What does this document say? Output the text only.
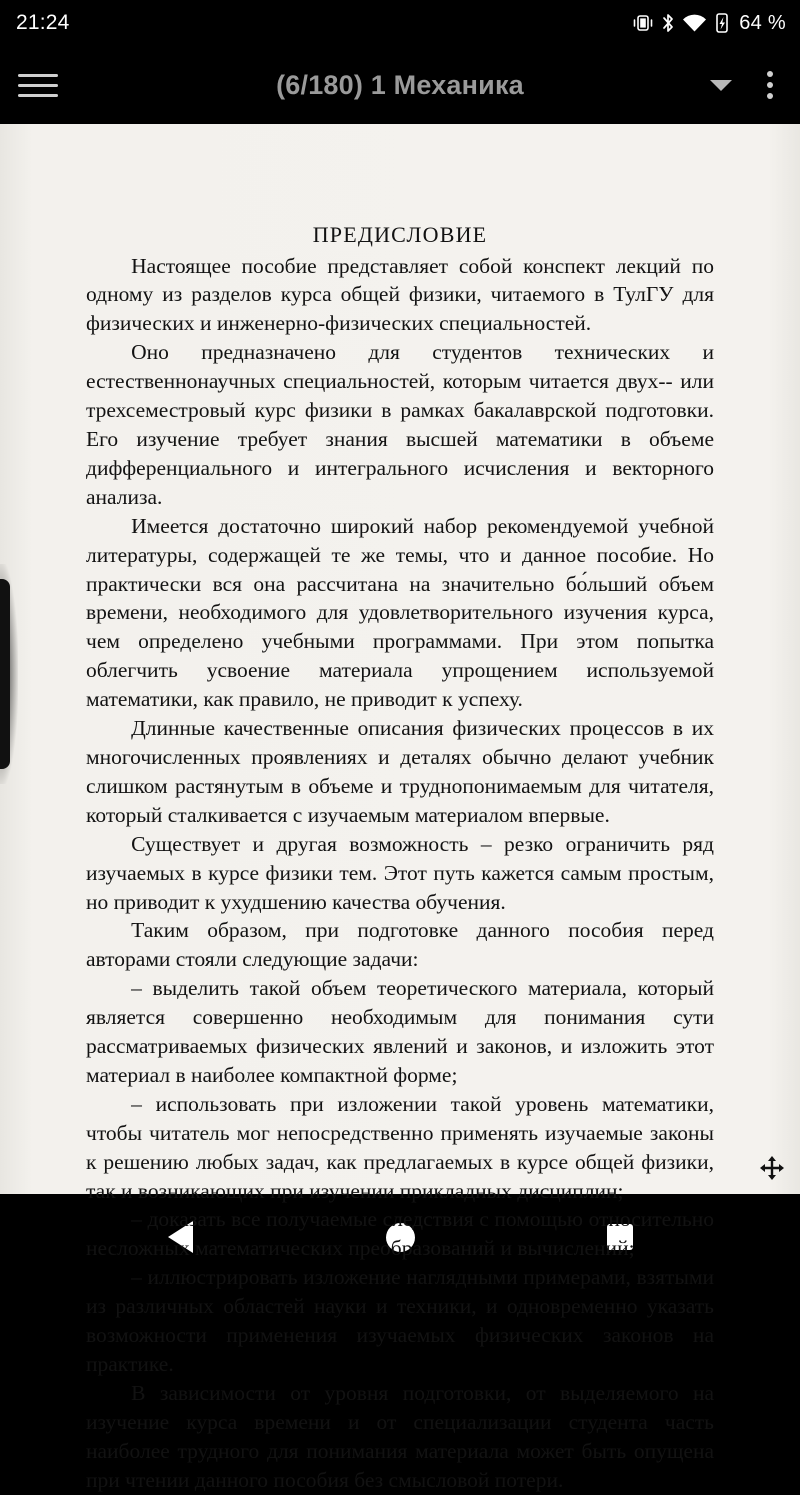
21:24	64 %
(6/180) 1 Механика
ПРЕДИСЛОВИЕ

Настоящее пособие представляет собой конспект лекций по одному из разделов курса общей физики, читаемого в ТулГУ для физических и инженерно-физических специальностей.

Оно предназначено для студентов технических и естественнонаучных специальностей, которым читается двух-- или трехсеместровый курс физики в рамках бакалаврской подготовки. Его изучение требует знания высшей математики в объеме дифференциального и интегрального исчисления и векторного анализа.

Имеется достаточно широкий набор рекомендуемой учебной литературы, содержащей те же темы, что и данное пособие. Но практически вся она рассчитана на значительно бо́льший объем времени, необходимого для удовлетворительного изучения курса, чем определено учебными программами. При этом попытка облегчить усвоение материала упрощением используемой математики, как правило, не приводит к успеху.

Длинные качественные описания физических процессов в их многочисленных проявлениях и деталях обычно делают учебник слишком растянутым в объеме и труднопонимаемым для читателя, который сталкивается с изучаемым материалом впервые.

Существует и другая возможность – резко ограничить ряд изучаемых в курсе физики тем. Этот путь кажется самым простым, но приводит к ухудшению качества обучения.

Таким образом, при подготовке данного пособия перед авторами стояли следующие задачи:

– выделить такой объем теоретического материала, который является совершенно необходимым для понимания сути рассматриваемых физических явлений и законов, и изложить этот материал в наиболее компактной форме;

– использовать при изложении такой уровень математики, чтобы читатель мог непосредственно применять изучаемые законы к решению любых задач, как предлагаемых в курсе общей физики, так и возникающих при изучении прикладных дисциплин;

– доказать все получаемые следствия с помощью относительно несложных математических преобразований и вычислений;

– иллюстрировать изложение наглядными примерами, взятыми из различных областей науки и техники, и одновременно указать возможности применения изучаемых физических законов на практике.

В зависимости от уровня подготовки, от выделяемого на изучение курса времени и от специализации студента часть наиболее трудного для понимания материала может быть опущена при чтении данного пособия без смысловой потери.
